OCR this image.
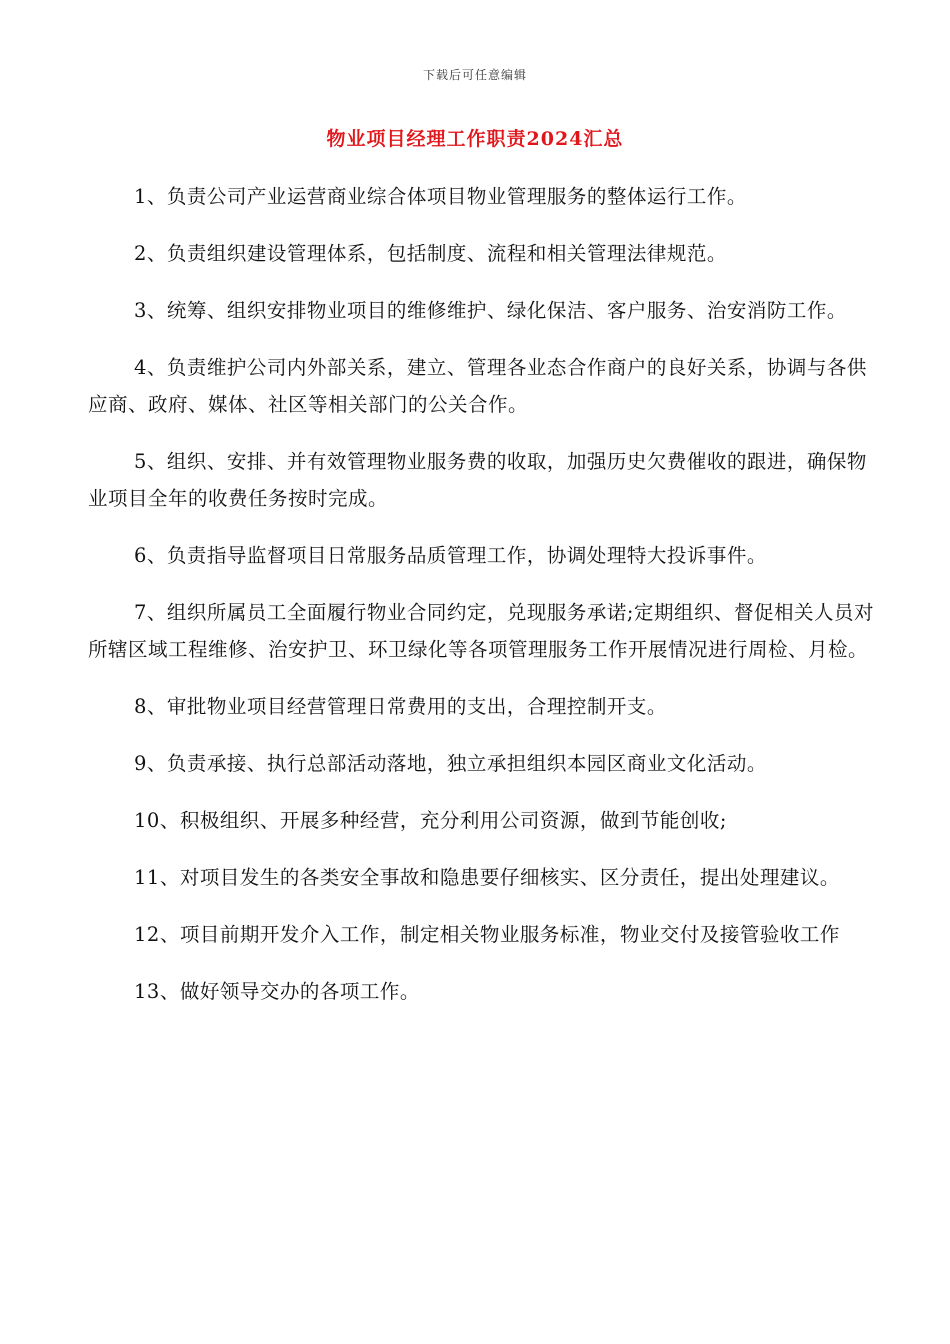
下载后可任意编辑
物业项目经理工作职责2024汇总

1、负责公司产业运营商业综合体项目物业管理服务的整体运行工作。

2、负责组织建设管理体系，包括制度、流程和相关管理法律规范。

3、统筹、组织安排物业项目的维修维护、绿化保洁、客户服务、治安消防工作。

4、负责维护公司内外部关系，建立、管理各业态合作商户的良好关系，协调与各供应商、政府、媒体、社区等相关部门的公关合作。

5、组织、安排、并有效管理物业服务费的收取，加强历史欠费催收的跟进，确保物业项目全年的收费任务按时完成。

6、负责指导监督项目日常服务品质管理工作，协调处理特大投诉事件。

7、组织所属员工全面履行物业合同约定，兑现服务承诺;定期组织、督促相关人员对所辖区域工程维修、治安护卫、环卫绿化等各项管理服务工作开展情况进行周检、月检。

8、审批物业项目经营管理日常费用的支出，合理控制开支。

9、负责承接、执行总部活动落地，独立承担组织本园区商业文化活动。

10、积极组织、开展多种经营，充分利用公司资源，做到节能创收;

11、对项目发生的各类安全事故和隐患要仔细核实、区分责任，提出处理建议。

12、项目前期开发介入工作，制定相关物业服务标准，物业交付及接管验收工作

13、做好领导交办的各项工作。
